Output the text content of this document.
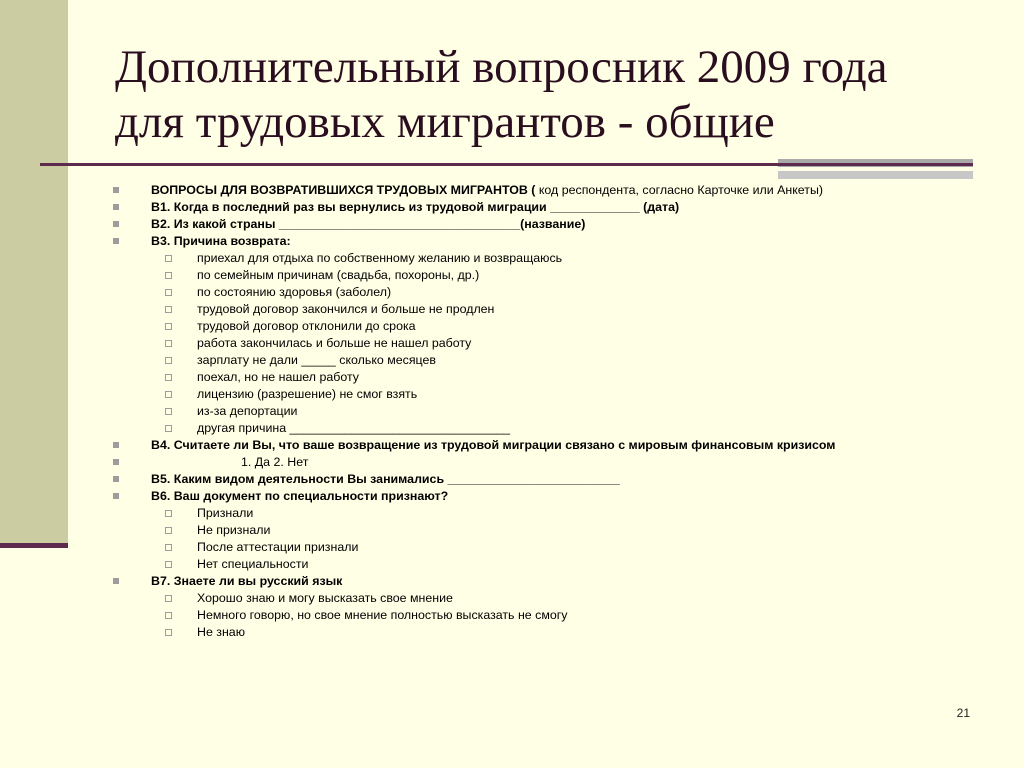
Дополнительный вопросник 2009 года
для трудовых мигрантов - общие
ВОПРОСЫ ДЛЯ ВОЗВРАТИВШИХСЯ ТРУДОВЫХ МИГРАНТОВ ( код респондента, согласно Карточке или Анкеты)
В1. Когда в последний раз вы вернулись из трудовой миграции _____________ (дата)
В2. Из какой страны ___________________________________(название)
В3. Причина возврата:
приехал для отдыха по собственному желанию и возвращаюсь
по семейным причинам (свадьба, похороны, др.)
по состоянию здоровья (заболел)
трудовой договор закончился и больше не продлен
трудовой договор отклонили до срока
работа закончилась и больше не нашел работу
зарплату не дали _____ сколько месяцев
поехал, но не нашел работу
лицензию (разрешение) не смог взять
из-за депортации
другая причина ________________________________
В4. Считаете ли Вы, что ваше возвращение из трудовой миграции связано с мировым финансовым кризисом
1. Да 2. Нет
В5. Каким видом деятельности Вы занимались _________________________
В6. Ваш документ по специальности признают?
Признали
Не признали
После аттестации признали
Нет специальности
В7. Знаете ли вы русский язык
Хорошо знаю и могу высказать свое мнение
Немного говорю, но свое мнение полностью высказать не смогу
Не знаю
21
